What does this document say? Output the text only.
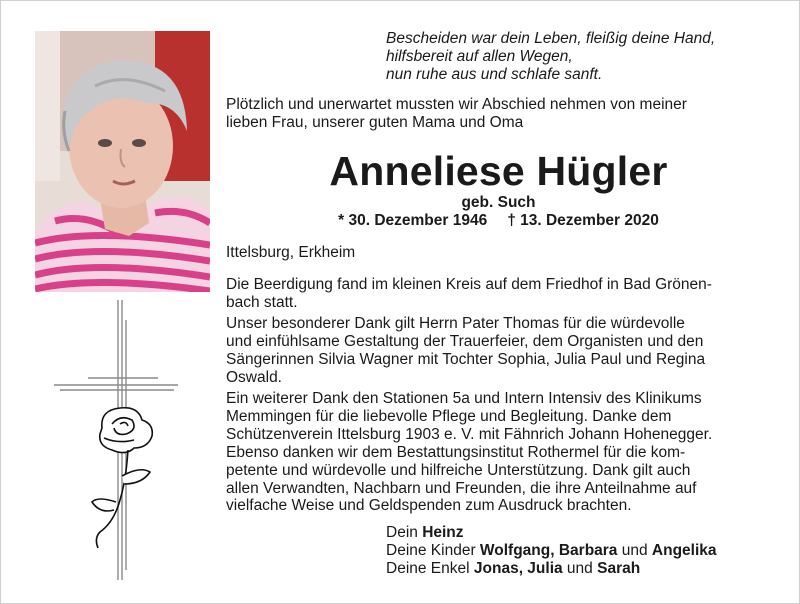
Bescheiden war dein Leben, fleißig deine Hand,
hilfsbereit auf allen Wegen,
nun ruhe aus und schlafe sanft.
Plötzlich und unerwartet mussten wir Abschied nehmen von meiner
lieben Frau, unserer guten Mama und Oma
Anneliese Hügler
geb. Such
* 30. Dezember 1946 † 13. Dezember 2020
Ittelsburg, Erkheim
Die Beerdigung fand im kleinen Kreis auf dem Friedhof in Bad Grönen-
bach statt.
Unser besonderer Dank gilt Herrn Pater Thomas für die würdevolle
und einfühlsame Gestaltung der Trauerfeier, dem Organisten und den
Sängerinnen Silvia Wagner mit Tochter Sophia, Julia Paul und Regina
Oswald.
Ein weiterer Dank den Stationen 5a und Intern Intensiv des Klinikums
Memmingen für die liebevolle Pflege und Begleitung. Danke dem
Schützenverein Ittelsburg 1903 e. V. mit Fähnrich Johann Hohenegger.
Ebenso danken wir dem Bestattungsinstitut Rothermel für die kom-
petente und würdevolle und hilfreiche Unterstützung. Dank gilt auch
allen Verwandten, Nachbarn und Freunden, die ihre Anteilnahme auf
vielfache Weise und Geldspenden zum Ausdruck brachten.
Dein Heinz
Deine Kinder Wolfgang, Barbara und Angelika
Deine Enkel Jonas, Julia und Sarah
